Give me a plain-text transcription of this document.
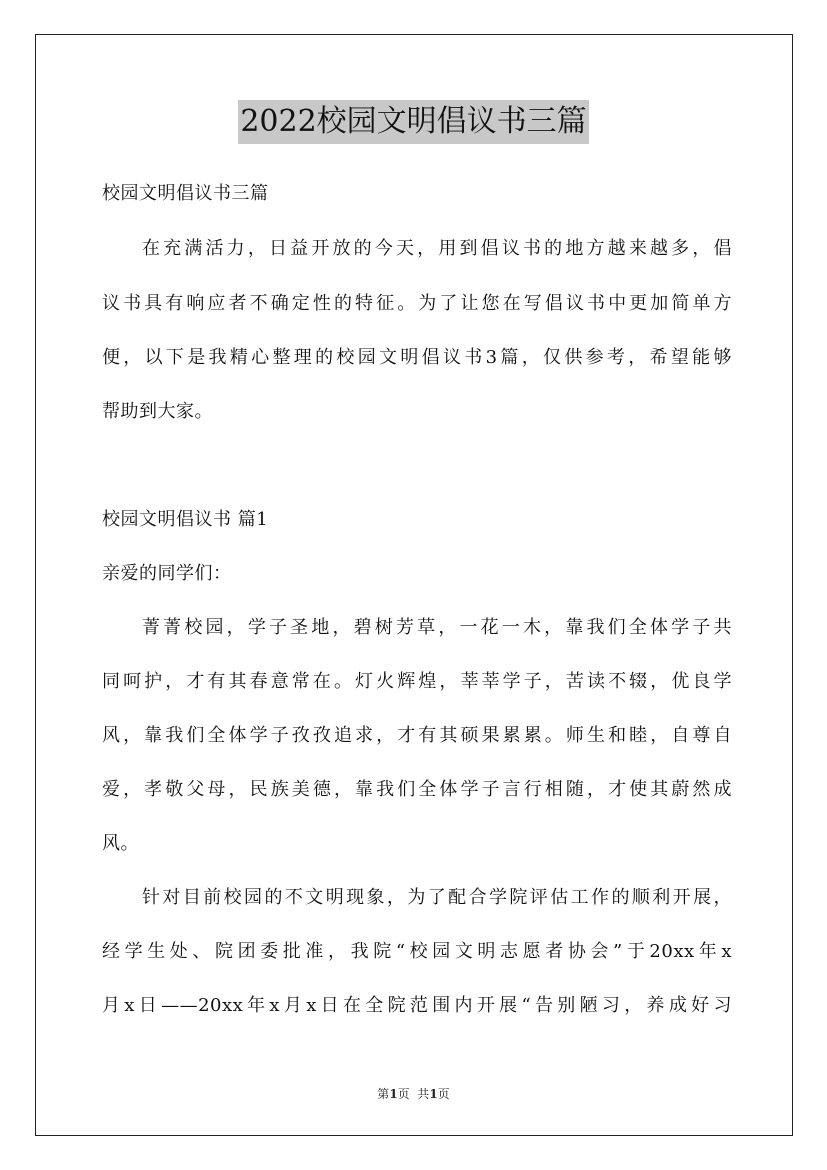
2022校园文明倡议书三篇
校园文明倡议书三篇
在充满活力，日益开放的今天，用到倡议书的地方越来越多，倡
议书具有响应者不确定性的特征。为了让您在写倡议书中更加简单方
便，以下是我精心整理的校园文明倡议书3篇，仅供参考，希望能够
帮助到大家。
校园文明倡议书 篇1
亲爱的同学们：
菁菁校园，学子圣地，碧树芳草，一花一木，靠我们全体学子共
同呵护，才有其春意常在。灯火辉煌，莘莘学子，苦读不辍，优良学
风，靠我们全体学子孜孜追求，才有其硕果累累。师生和睦，自尊自
爱，孝敬父母，民族美德，靠我们全体学子言行相随，才使其蔚然成
风。
针对目前校园的不文明现象，为了配合学院评估工作的顺利开展，
经学生处、院团委批准，我院“校园文明志愿者协会”于20xx年x
月x日——20xx年x月x日在全院范围内开展“告别陋习，养成好习
第1页  共1页
